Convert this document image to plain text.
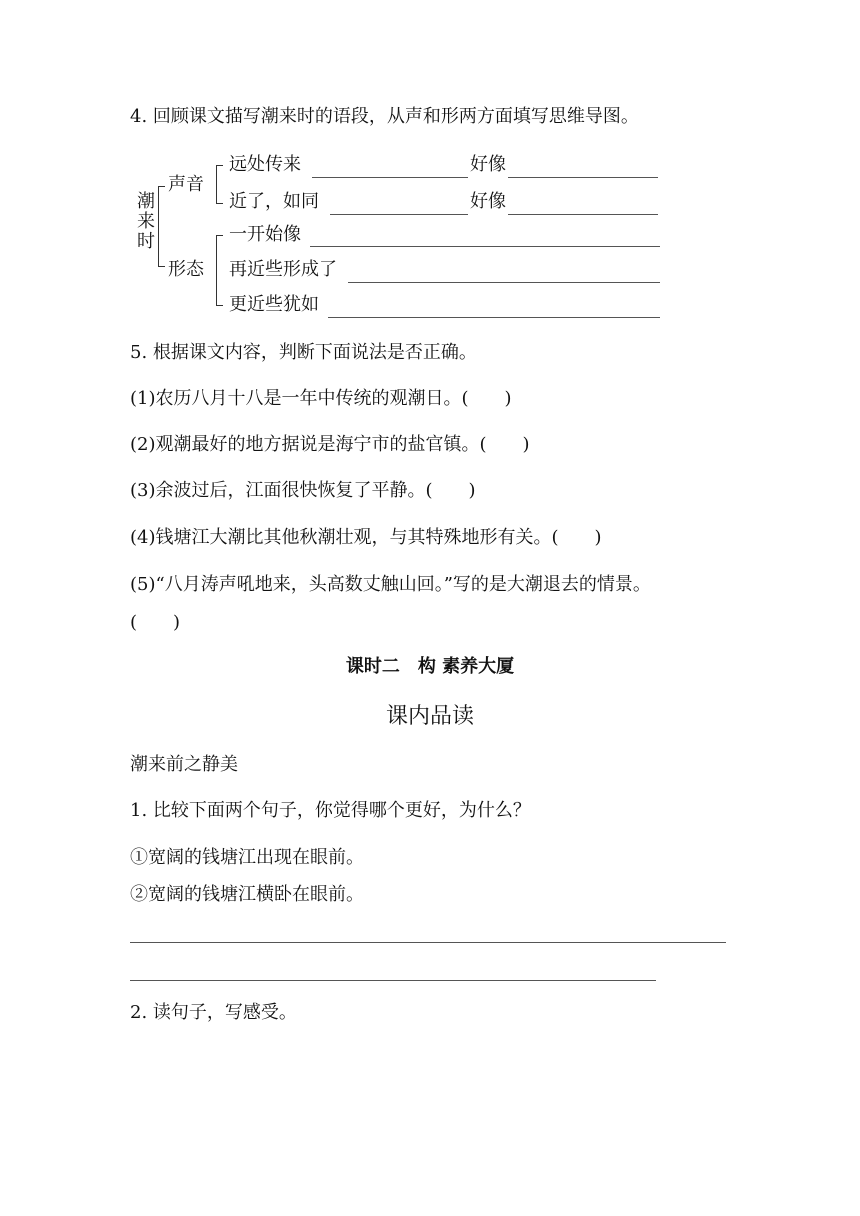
4. 回顾课文描写潮来时的语段，从声和形两方面填写思维导图。
潮来时
声音
远处传来	好像
近了，如同	好像
形态
一开始像
再近些形成了
更近些犹如
5. 根据课文内容，判断下面说法是否正确。
(1)农历八月十八是一年中传统的观潮日。(　　)
(2)观潮最好的地方据说是海宁市的盐官镇。(　　)
(3)余波过后，江面很快恢复了平静。(　　)
(4)钱塘江大潮比其他秋潮壮观，与其特殊地形有关。(　　)
(5)“八月涛声吼地来，头高数丈触山回。”写的是大潮退去的情景。
(　　)
课时二　构 素养大厦
课内品读
潮来前之静美
1. 比较下面两个句子，你觉得哪个更好，为什么？
①宽阔的钱塘江出现在眼前。
②宽阔的钱塘江横卧在眼前。
2. 读句子，写感受。
